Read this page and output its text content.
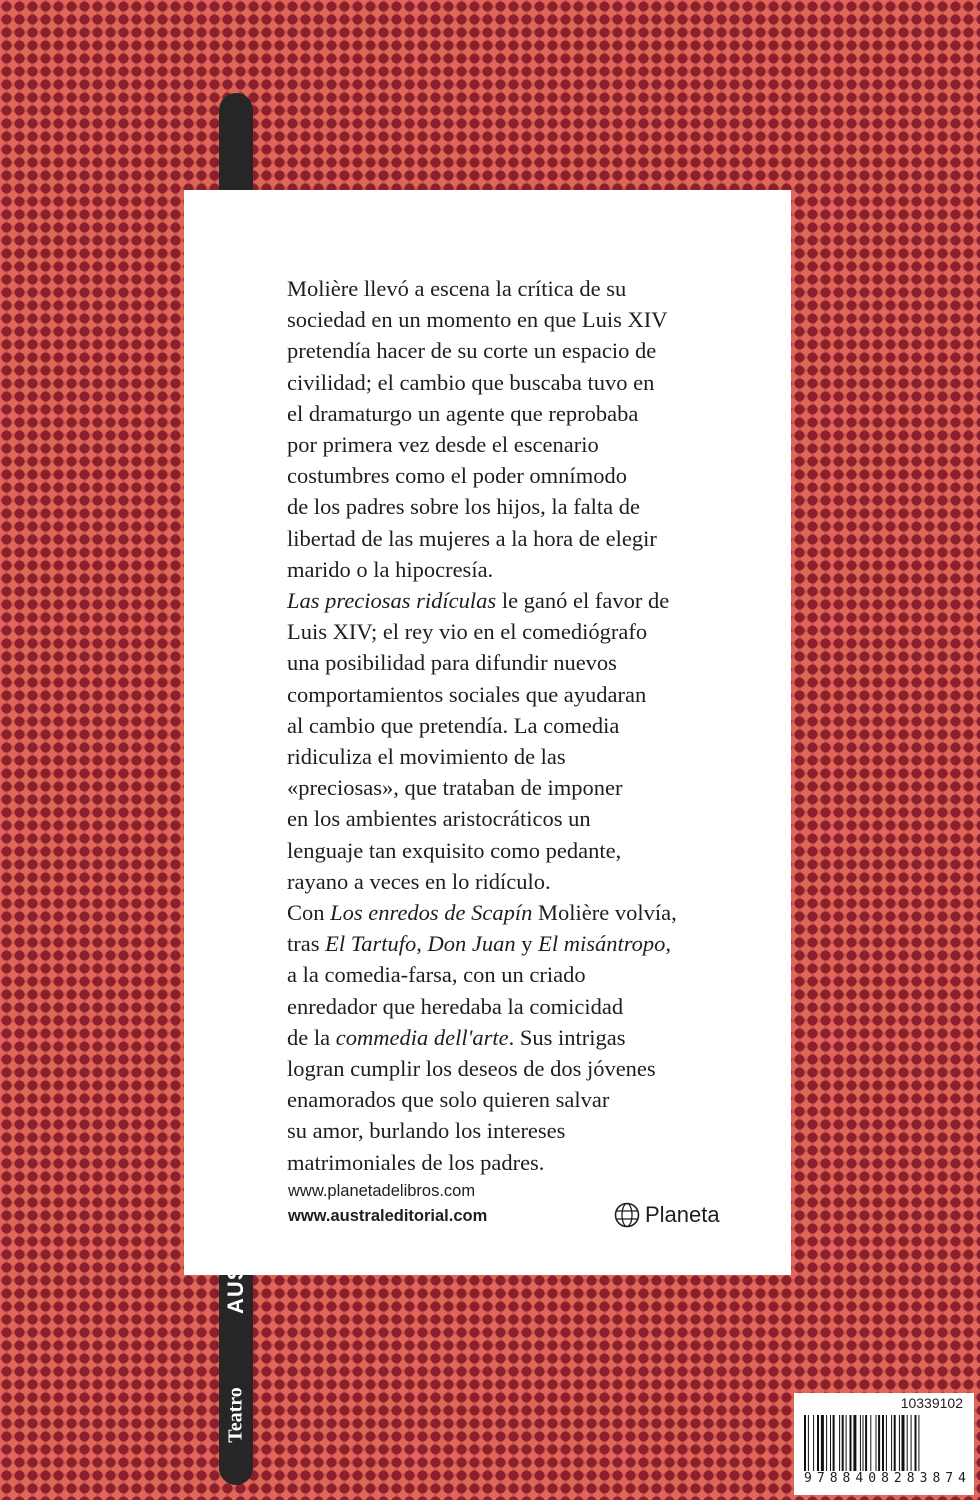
Teatro

Molière llevó a escena la crítica de su
sociedad en un momento en que Luis XIV
pretendía hacer de su corte un espacio de
civilidad; el cambio que buscaba tuvo en
el dramaturgo un agente que reprobaba
por primera vez desde el escenario
costumbres como el poder omnímodo
de los padres sobre los hijos, la falta de
libertad de las mujeres a la hora de elegir
marido o la hipocresía.

Las preciosas ridículas le ganó el favor de
Luis XIV; el rey vio en el comediógrafo
una posibilidad para difundir nuevos
comportamientos sociales que ayudaran
al cambio que pretendía. La comedia
ridiculiza el movimiento de las
«preciosas», que trataban de imponer
en los ambientes aristocráticos un
lenguaje tan exquisito como pedante,
rayano a veces en lo ridículo.

Con Los enredos de Scapín Molière volvía,
tras El Tartufo, Don Juan y El misántropo,
a la comedia-farsa, con un criado
enredador que heredaba la comicidad
de la commedia dell'arte. Sus intrigas
logran cumplir los deseos de dos jóvenes
enamorados que solo quieren salvar
su amor, burlando los intereses
matrimoniales de los padres.

www.planetadelibros.com
www.australeditorial.com	Planeta
10339102
9 7 8 8 4 0 8 2 8 3 8 7 4
